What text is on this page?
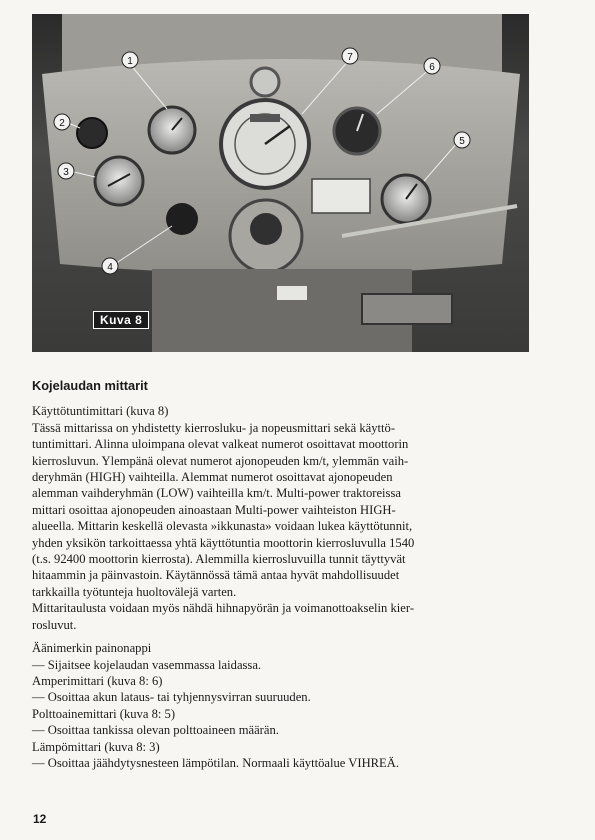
1
2
3
4
5
6
7
Kuva 8
Kojelaudan mittarit

Käyttötuntimittari (kuva 8)

Tässä mittarissa on yhdistetty kierrosluku- ja nopeusmittari sekä käyttö-

tuntimittari. Alinna uloimpana olevat valkeat numerot osoittavat moottorin

kierrosluvun. Ylempänä olevat numerot ajonopeuden km/t, ylemmän vaih-

deryhmän (HIGH) vaihteilla. Alemmat numerot osoittavat ajonopeuden

alemman vaihderyhmän (LOW) vaihteilla km/t. Multi-power traktoreissa

mittari osoittaa ajonopeuden ainoastaan Multi-power vaihteiston HIGH-

alueella. Mittarin keskellä olevasta »ikkunasta» voidaan lukea käyttötunnit,

yhden yksikön tarkoittaessa yhtä käyttötuntia moottorin kierrosluvulla 1540

(t.s. 92400 moottorin kierrosta). Alemmilla kierrosluvuilla tunnit täyttyvät

hitaammin ja päinvastoin. Käytännössä tämä antaa hyvät mahdollisuudet

tarkkailla työtunteja huoltovälejä varten.

Mittaritaulusta voidaan myös nähdä hihnapyörän ja voimanottoakselin kier-

rosluvut.

Äänimerkin painonappi

— Sijaitsee kojelaudan vasemmassa laidassa.

Amperimittari (kuva 8: 6)

— Osoittaa akun lataus- tai tyhjennysvirran suuruuden.

Polttoainemittari (kuva 8: 5)

— Osoittaa tankissa olevan polttoaineen määrän.

Lämpömittari (kuva 8: 3)

— Osoittaa jäähdytysnesteen lämpötilan. Normaali käyttöalue VIHREÄ.

12
